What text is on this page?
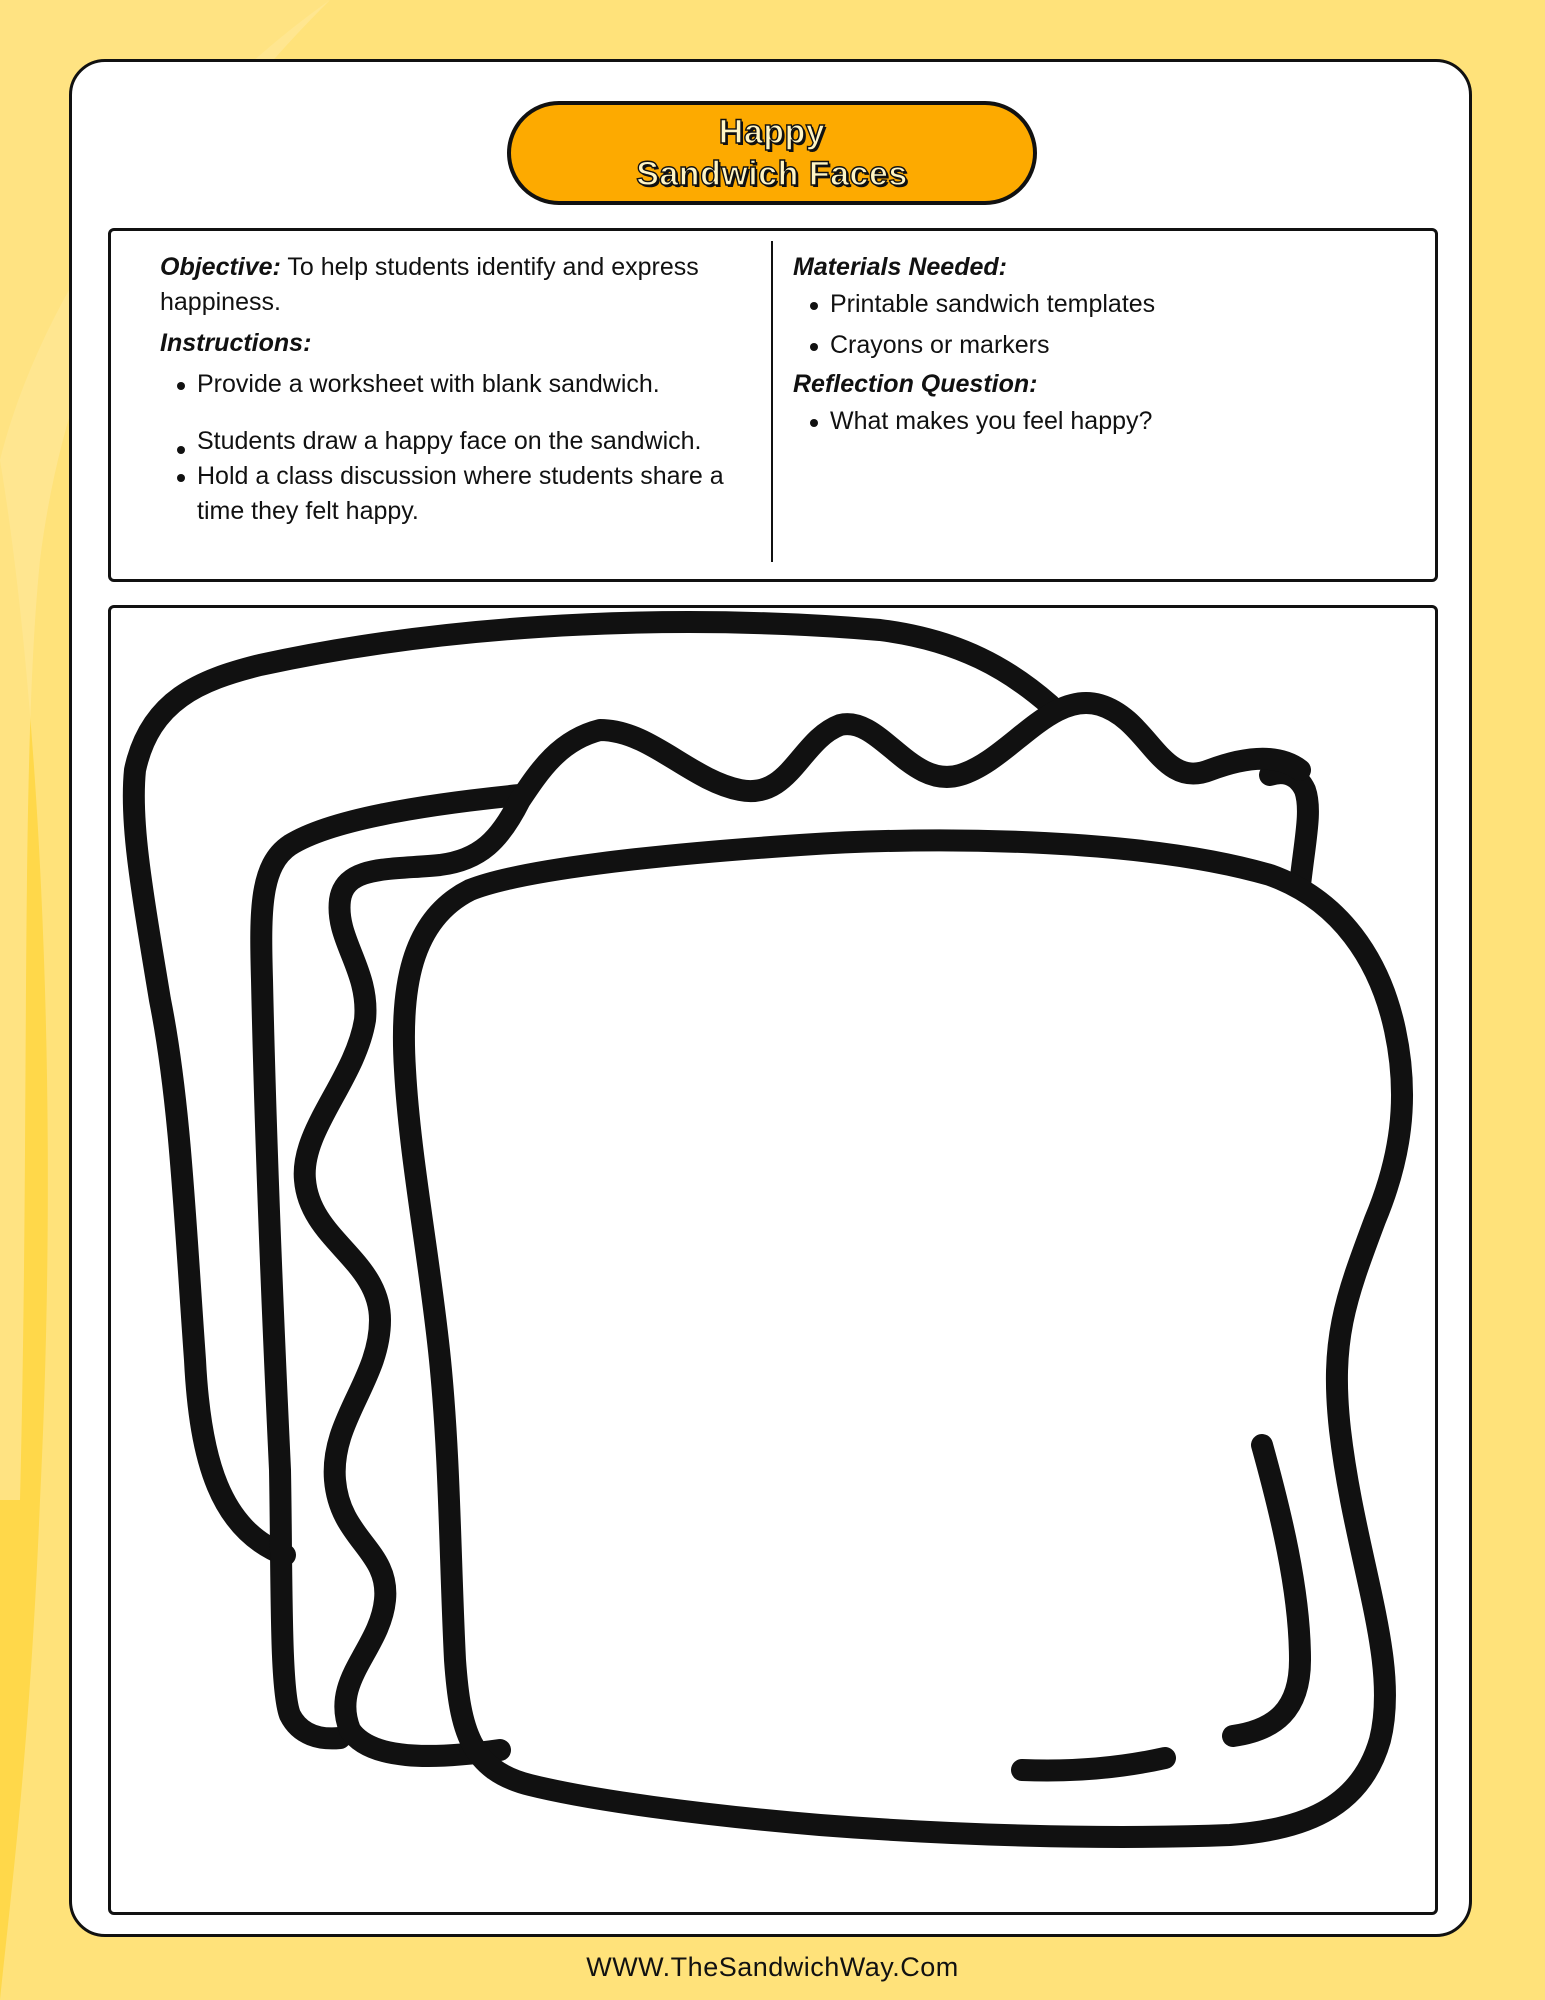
Happy
Sandwich Faces
Objective: To help students identify and express happiness.
Instructions:
Provide a worksheet with blank sandwich.
Students draw a happy face on the sandwich.
Hold a class discussion where students share a time they felt happy.
Materials Needed:
Printable sandwich templates
Crayons or markers
Reflection Question:
What makes you feel happy?
WWW.TheSandwichWay.Com
